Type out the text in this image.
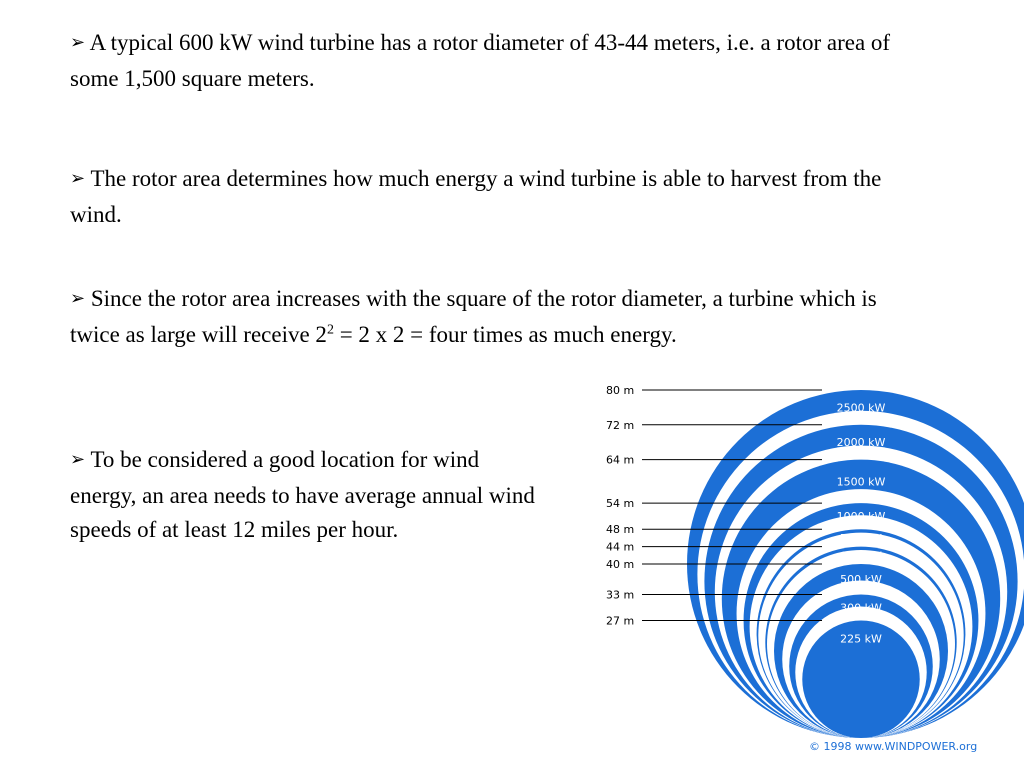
➢ A typical 600 kW wind turbine has a rotor diameter of 43-44 meters, i.e. a rotor area of some 1,500 square meters.

➢ The rotor area determines how much energy a wind turbine is able to harvest from the wind.

➢ Since the rotor area increases with the square of the rotor diameter, a turbine which is twice as large will receive $2^2 = 2$ x 2 = four times as much energy.

➢ To be considered a good location for wind energy, an area needs to have average annual wind speeds of at least 12 miles per hour.

80 m
2500 kW
72 m
2000 kW
64 m
1500 kW
54 m
1000 kW
48 m
750 kW
44 m
600 kW
40 m
500 kW
33 m
300 kW
27 m
225 kW
© 1998 www.WINDPOWER.org
